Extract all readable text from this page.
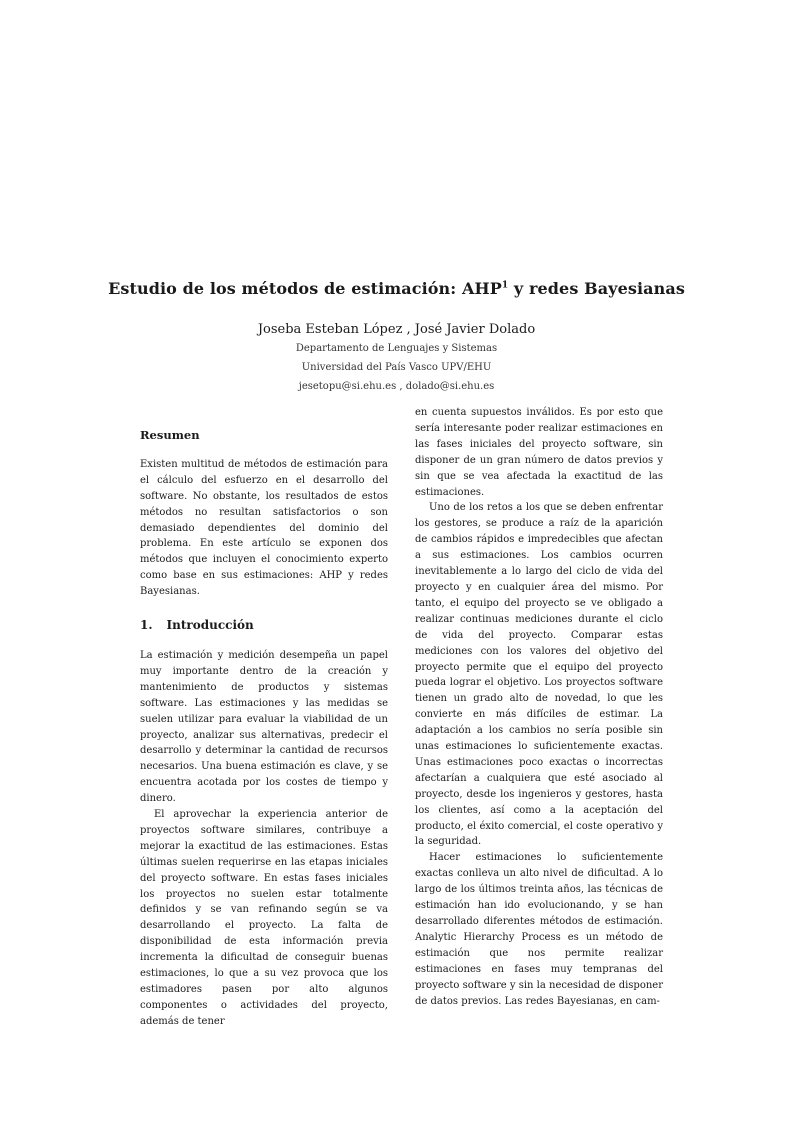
Estudio de los métodos de estimación: AHP$^1$ y redes Bayesianas
Joseba Esteban López , José Javier Dolado
Departamento de Lenguajes y Sistemas
Universidad del País Vasco UPV/EHU
jesetopu@si.ehu.es , dolado@si.ehu.es
Resumen

Existen multitud de métodos de estimación para el cálculo del esfuerzo en el desarrollo del software. No obstante, los resultados de estos métodos no resultan satisfactorios o son demasiado dependientes del dominio del problema. En este artículo se exponen dos métodos que incluyen el conocimiento experto como base en sus estimaciones: AHP y redes Bayesianas.

1. Introducción

La estimación y medición desempeña un papel muy importante dentro de la creación y mantenimiento de productos y sistemas software. Las estimaciones y las medidas se suelen utilizar para evaluar la viabilidad de un proyecto, analizar sus alternativas, predecir el desarrollo y determinar la cantidad de recursos necesarios. Una buena estimación es clave, y se encuentra acotada por los costes de tiempo y dinero.

El aprovechar la experiencia anterior de proyectos software similares, contribuye a mejorar la exactitud de las estimaciones. Estas últimas suelen requerirse en las etapas iniciales del proyecto software. En estas fases iniciales los proyectos no suelen estar totalmente definidos y se van refinando según se va desarrollando el proyecto. La falta de disponibilidad de esta información previa incrementa la dificultad de conseguir buenas estimaciones, lo que a su vez provoca que los estimadores pasen por alto algunos componentes o actividades del proyecto, además de tener

en cuenta supuestos inválidos. Es por esto que sería interesante poder realizar estimaciones en las fases iniciales del proyecto software, sin disponer de un gran número de datos previos y sin que se vea afectada la exactitud de las estimaciones.

Uno de los retos a los que se deben enfrentar los gestores, se produce a raíz de la aparición de cambios rápidos e impredecibles que afectan a sus estimaciones. Los cambios ocurren inevitablemente a lo largo del ciclo de vida del proyecto y en cualquier área del mismo. Por tanto, el equipo del proyecto se ve obligado a realizar continuas mediciones durante el ciclo de vida del proyecto. Comparar estas mediciones con los valores del objetivo del proyecto permite que el equipo del proyecto pueda lograr el objetivo. Los proyectos software tienen un grado alto de novedad, lo que les convierte en más difíciles de estimar. La adaptación a los cambios no sería posible sin unas estimaciones lo suficientemente exactas. Unas estimaciones poco exactas o incorrectas afectarían a cualquiera que esté asociado al proyecto, desde los ingenieros y gestores, hasta los clientes, así como a la aceptación del producto, el éxito comercial, el coste operativo y la seguridad.

Hacer estimaciones lo suficientemente exactas conlleva un alto nivel de dificultad. A lo largo de los últimos treinta años, las técnicas de estimación han ido evolucionando, y se han desarrollado diferentes métodos de estimación. Analytic Hierarchy Process es un método de estimación que nos permite realizar estimaciones en fases muy tempranas del proyecto software y sin la necesidad de disponer de datos previos. Las redes Bayesianas, en cam-
